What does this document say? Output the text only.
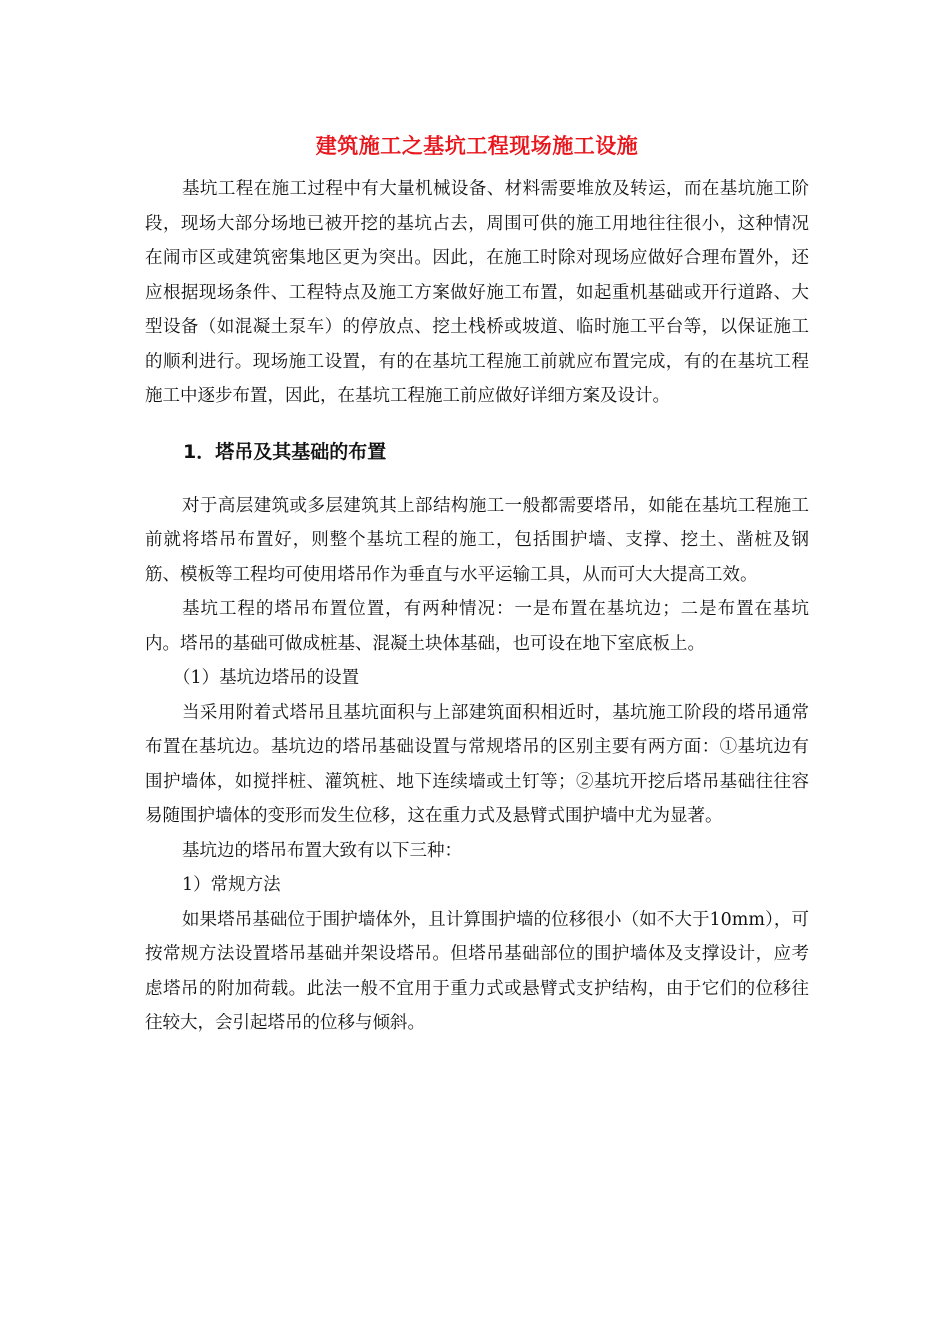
建筑施工之基坑工程现场施工设施

基坑工程在施工过程中有大量机械设备、材料需要堆放及转运，而在基坑施工阶段，现场大部分场地已被开挖的基坑占去，周围可供的施工用地往往很小，这种情况在闹市区或建筑密集地区更为突出。因此，在施工时除对现场应做好合理布置外，还应根据现场条件、工程特点及施工方案做好施工布置，如起重机基础或开行道路、大型设备（如混凝土泵车）的停放点、挖土栈桥或坡道、临时施工平台等，以保证施工的顺利进行。现场施工设置，有的在基坑工程施工前就应布置完成，有的在基坑工程施工中逐步布置，因此，在基坑工程施工前应做好详细方案及设计。

1．塔吊及其基础的布置

对于高层建筑或多层建筑其上部结构施工一般都需要塔吊，如能在基坑工程施工前就将塔吊布置好，则整个基坑工程的施工，包括围护墙、支撑、挖土、凿桩及钢筋、模板等工程均可使用塔吊作为垂直与水平运输工具，从而可大大提高工效。

基坑工程的塔吊布置位置，有两种情况：一是布置在基坑边；二是布置在基坑内。塔吊的基础可做成桩基、混凝土块体基础，也可设在地下室底板上。

（1）基坑边塔吊的设置

当采用附着式塔吊且基坑面积与上部建筑面积相近时，基坑施工阶段的塔吊通常布置在基坑边。基坑边的塔吊基础设置与常规塔吊的区别主要有两方面：①基坑边有围护墙体，如搅拌桩、灌筑桩、地下连续墙或土钉等；②基坑开挖后塔吊基础往往容易随围护墙体的变形而发生位移，这在重力式及悬臂式围护墙中尤为显著。

基坑边的塔吊布置大致有以下三种：

1）常规方法

如果塔吊基础位于围护墙体外，且计算围护墙的位移很小（如不大于10mm），可按常规方法设置塔吊基础并架设塔吊。但塔吊基础部位的围护墙体及支撑设计，应考虑塔吊的附加荷载。此法一般不宜用于重力式或悬臂式支护结构，由于它们的位移往往较大，会引起塔吊的位移与倾斜。
